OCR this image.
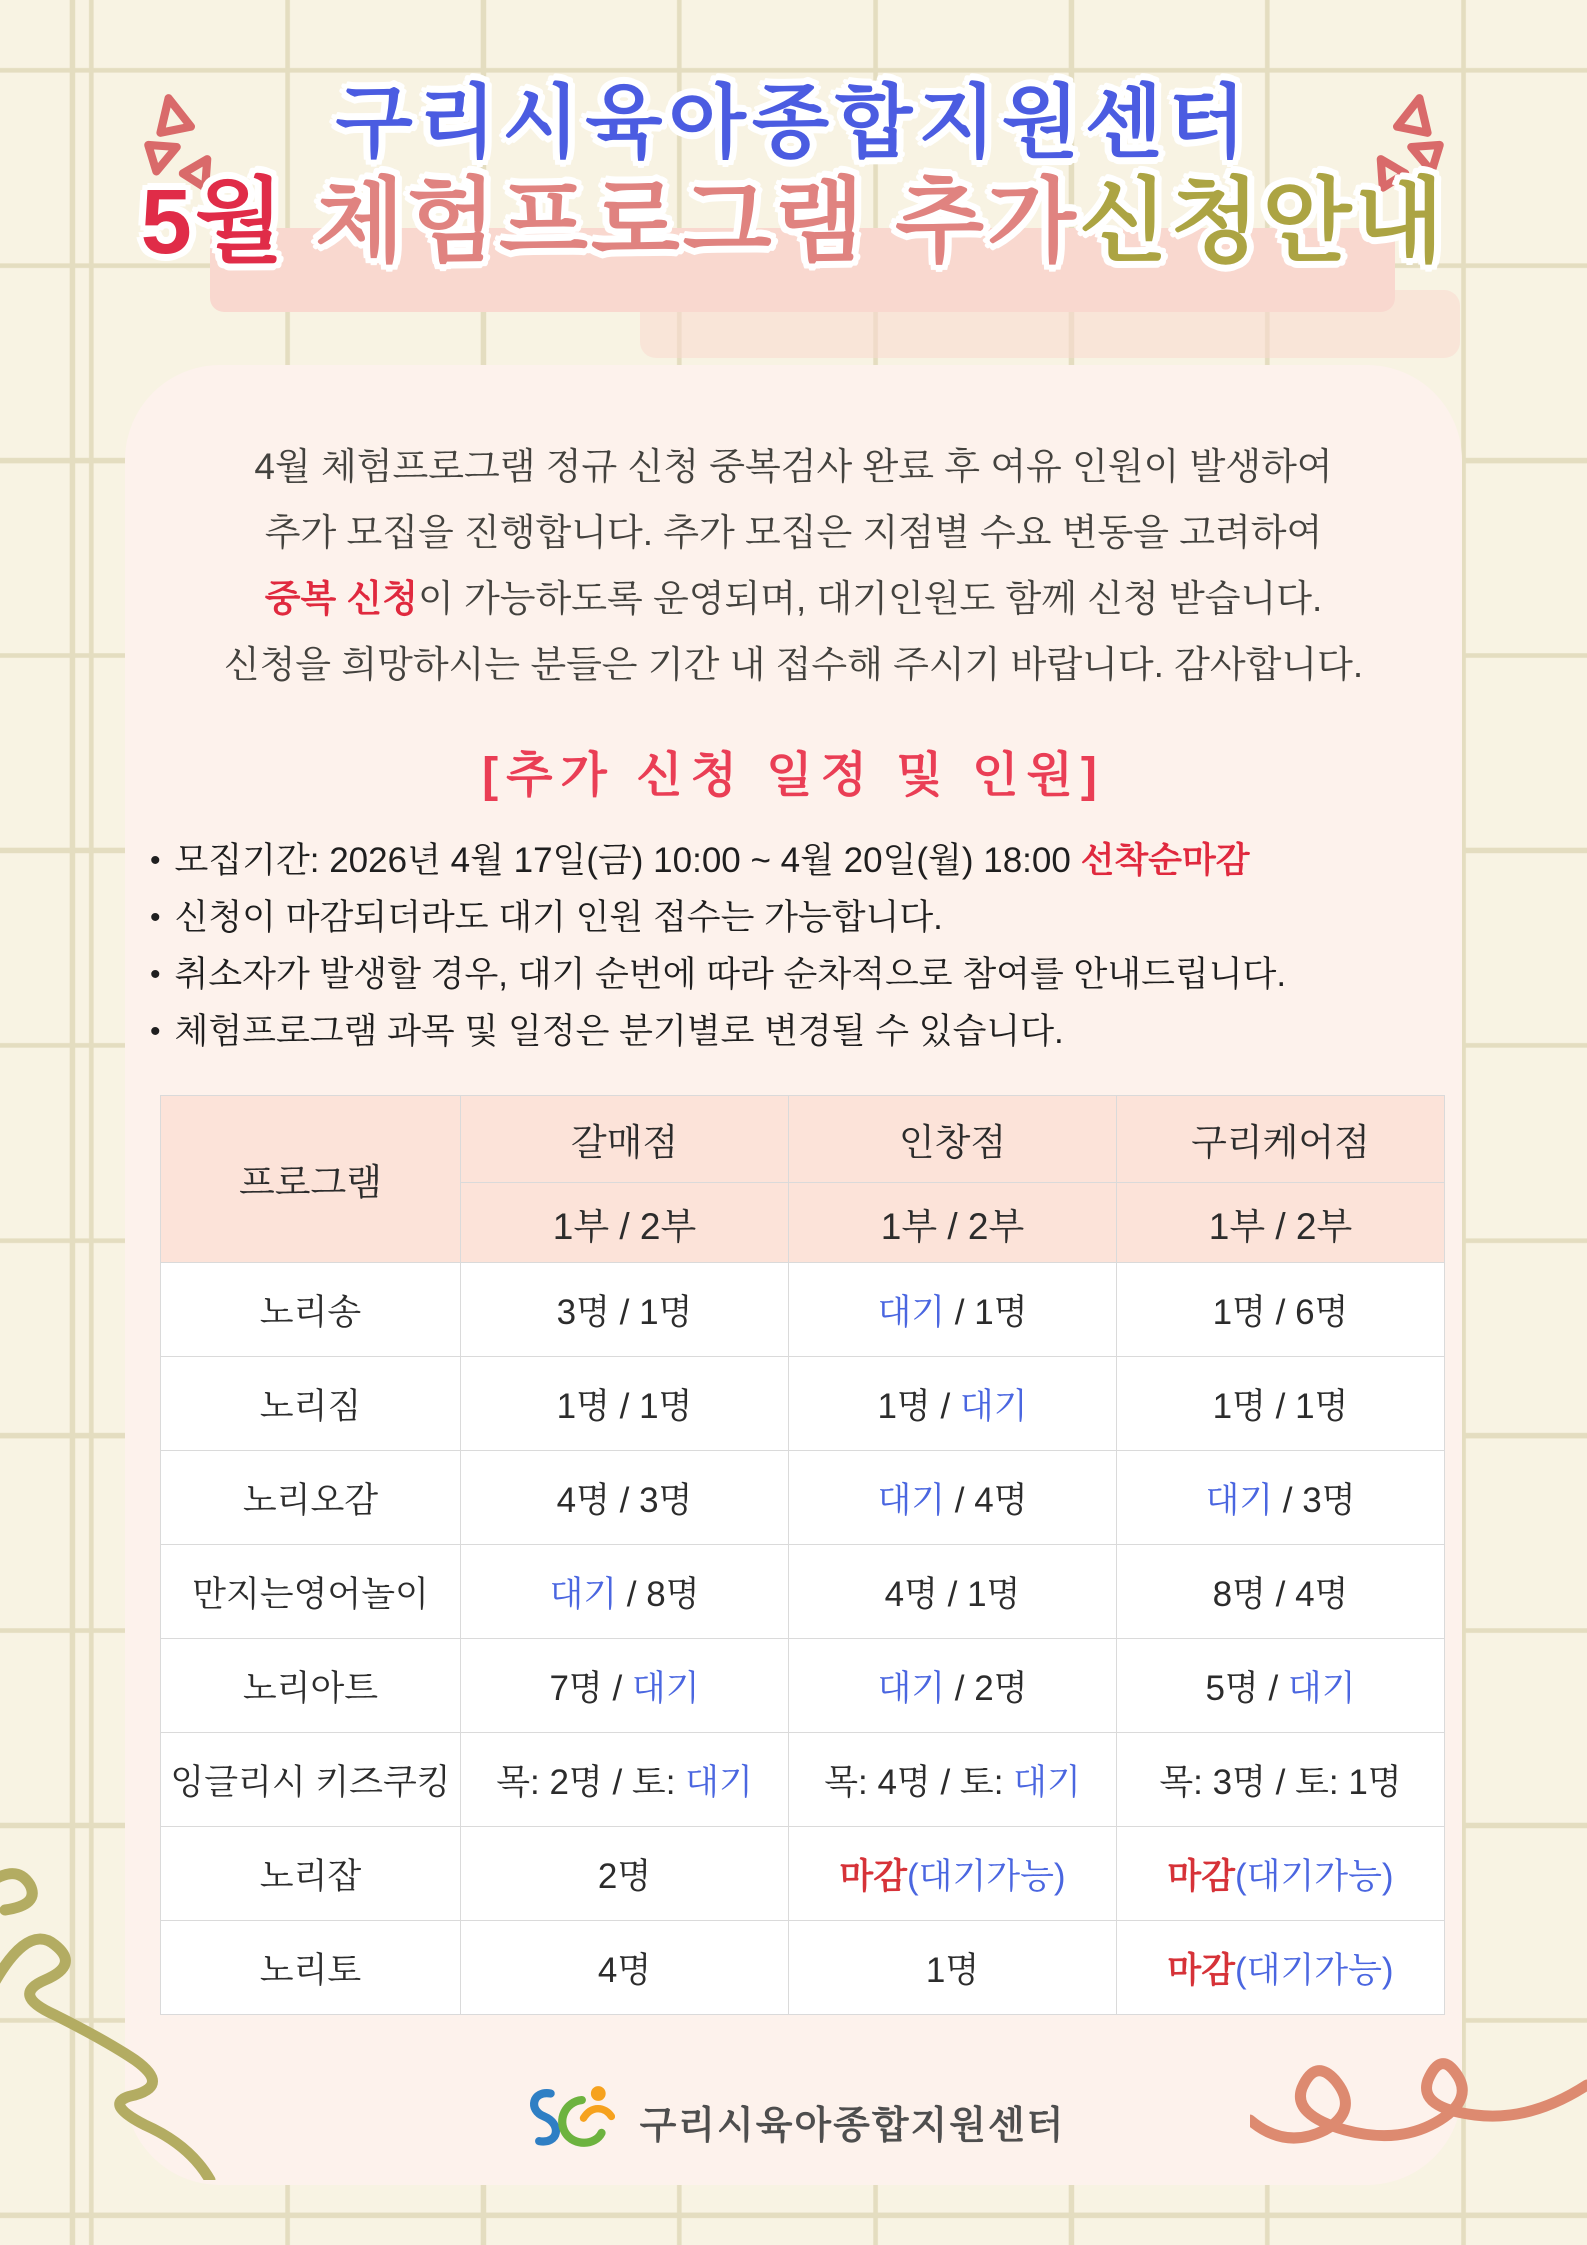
구리시육아종합지원센터
5월 체험프로그램 추가신청안내

4월 체험프로그램 정규 신청 중복검사 완료 후 여유 인원이 발생하여

추가 모집을 진행합니다. 추가 모집은 지점별 수요 변동을 고려하여

중복 신청이 가능하도록 운영되며, 대기인원도 함께 신청 받습니다.

신청을 희망하시는 분들은 기간 내 접수해 주시기 바랍니다. 감사합니다.

[추가 신청 일정 및 인원]
• 모집기간: 2026년 4월 17일(금) 10:00 ~ 4월 20일(월) 18:00 선착순마감
• 신청이 마감되더라도 대기 인원 접수는 가능합니다.
• 취소자가 발생할 경우, 대기 순번에 따라 순차적으로 참여를 안내드립니다.
• 체험프로그램 과목 및 일정은 분기별로 변경될 수 있습니다.
프로그램	갈매점	인창점	구리케어점
	1부 / 2부	1부 / 2부	1부 / 2부
노리송	3명 / 1명	대기 / 1명	1명 / 6명
노리짐	1명 / 1명	1명 / 대기	1명 / 1명
노리오감	4명 / 3명	대기 / 4명	대기 / 3명
만지는영어놀이	대기 / 8명	4명 / 1명	8명 / 4명
노리아트	7명 / 대기	대기 / 2명	5명 / 대기
잉글리시 키즈쿠킹	목: 2명 / 토: 대기	목: 4명 / 토: 대기	목: 3명 / 토: 1명
노리잡	2명	마감(대기가능)	마감(대기가능)
노리토	4명	1명	마감(대기가능)
구리시육아종합지원센터
